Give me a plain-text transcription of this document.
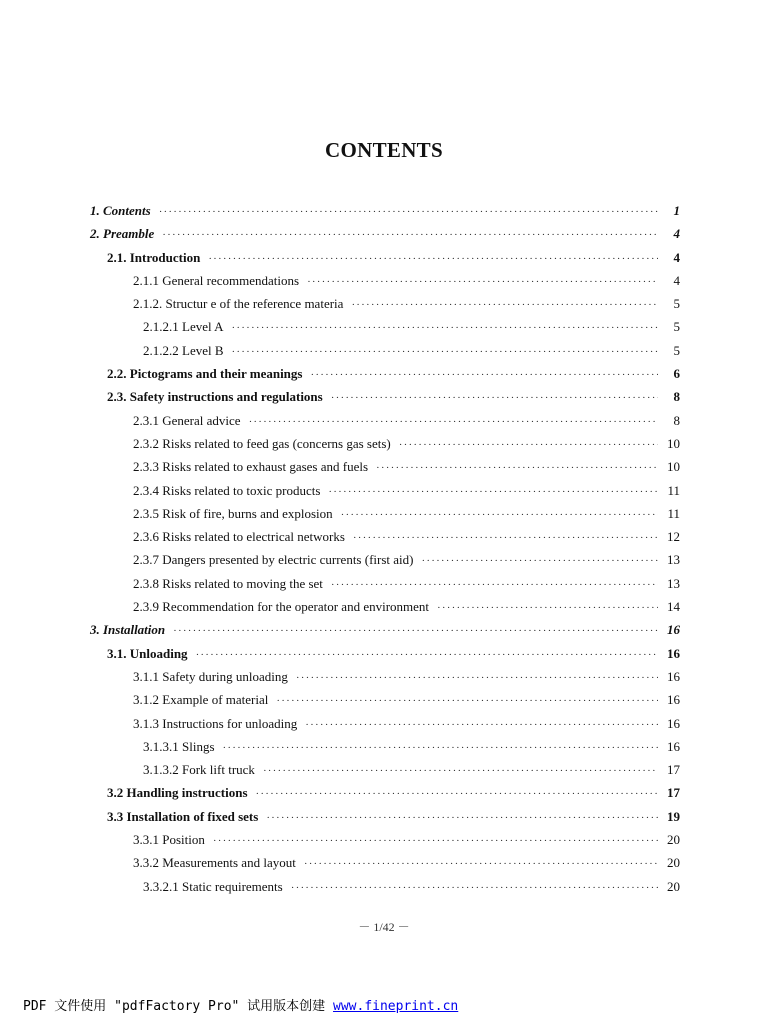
CONTENTS
1. Contents ·····	1
2. Preamble ·····	4
2.1. Introduction ·····	4
2.1.1 General recommendations ·····	4
2.1.2. Structur e of the reference materia ·····	5
2.1.2.1 Level A ·····	5
2.1.2.2 Level B ·····	5
2.2. Pictograms and their meanings ·····	6
2.3. Safety instructions and regulations ·····	8
2.3.1 General advice ·····	8
2.3.2 Risks related to feed gas (concerns gas sets) ·····	10
2.3.3 Risks related to exhaust gases and fuels ·····	10
2.3.4 Risks related to toxic products ·····	11
2.3.5 Risk of fire, burns and explosion ·····	11
2.3.6 Risks related to electrical networks ·····	12
2.3.7 Dangers presented by electric currents (first aid) ·····	13
2.3.8 Risks related to moving the set ·····	13
2.3.9 Recommendation for the operator and environment ·····	14
3. Installation ·····	16
3.1. Unloading ·····	16
3.1.1 Safety during unloading ·····	16
3.1.2 Example of material ·····	16
3.1.3 Instructions for unloading ·····	16
3.1.3.1 Slings ·····	16
3.1.3.2 Fork lift truck ·····	17
3.2 Handling instructions ·····	17
3.3 Installation of fixed sets ·····	19
3.3.1 Position ·····	20
3.3.2 Measurements and layout ·····	20
3.3.2.1 Static requirements ·····	20
－ 1/42 －
PDF 文件使用 "pdfFactory Pro" 试用版本创建 www.fineprint.cn
